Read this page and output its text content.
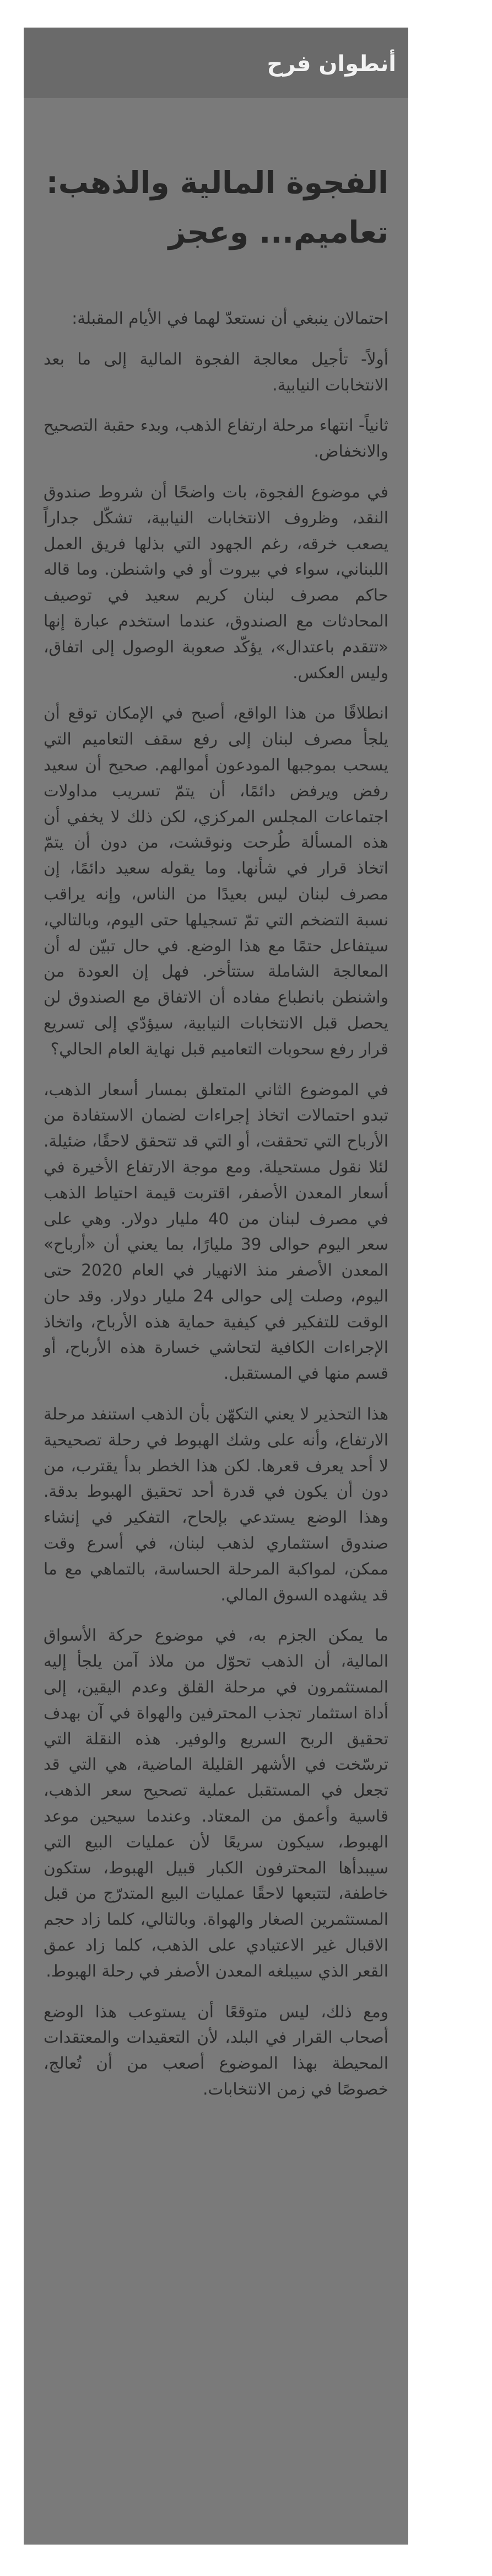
أنطوان فرح
الفجوة المالية والذهب: تعاميم... وعجز

احتمالان ينبغي أن نستعدّ لهما في الأيام المقبلة:

أولاً- تأجيل معالجة الفجوة المالية إلى ما بعد الانتخابات النيابية.

ثانياً- انتهاء مرحلة ارتفاع الذهب، وبدء حقبة التصحيح والانخفاض.

في موضوع الفجوة، بات واضحًا أن شروط صندوق النقد، وظروف الانتخابات النيابية، تشكّل جداراً يصعب خرقه، رغم الجهود التي بذلها فريق العمل اللبناني، سواء في بيروت أو في واشنطن. وما قاله حاكم مصرف لبنان كريم سعيد في توصيف المحادثات مع الصندوق، عندما استخدم عبارة إنها «تتقدم باعتدال»، يؤكّد صعوبة الوصول إلى اتفاق، وليس العكس.

انطلاقًا من هذا الواقع، أصبح في الإمكان توقع أن يلجأ مصرف لبنان إلى رفع سقف التعاميم التي يسحب بموجبها المودعون أموالهم. صحيح أن سعيد رفض ويرفض دائمًا، أن يتمّ تسريب مداولات اجتماعات المجلس المركزي، لكن ذلك لا يخفي أن هذه المسألة طُرحت ونوقشت، من دون أن يتمّ اتخاذ قرار في شأنها. وما يقوله سعيد دائمًا، إن مصرف لبنان ليس بعيدًا من الناس، وإنه يراقب نسبة التضخم التي تمّ تسجيلها حتى اليوم، وبالتالي، سيتفاعل حتمًا مع هذا الوضع. في حال تبيّن له أن المعالجة الشاملة ستتأخر. فهل إن العودة من واشنطن بانطباع مفاده أن الاتفاق مع الصندوق لن يحصل قبل الانتخابات النيابية، سيؤدّي إلى تسريع قرار رفع سحوبات التعاميم قبل نهاية العام الحالي؟

في الموضوع الثاني المتعلق بمسار أسعار الذهب، تبدو احتمالات اتخاذ إجراءات لضمان الاستفادة من الأرباح التي تحققت، أو التي قد تتحقق لاحقًا، ضئيلة. لئلا نقول مستحيلة. ومع موجة الارتفاع الأخيرة في أسعار المعدن الأصفر، اقتربت قيمة احتياط الذهب في مصرف لبنان من 40 مليار دولار. وهي على سعر اليوم حوالى 39 مليارًا، بما يعني أن «أرباح» المعدن الأصفر منذ الانهيار في العام 2020 حتى اليوم، وصلت إلى حوالى 24 مليار دولار. وقد حان الوقت للتفكير في كيفية حماية هذه الأرباح، واتخاذ الإجراءات الكافية لتحاشي خسارة هذه الأرباح، أو قسم منها في المستقبل.

هذا التحذير لا يعني التكهّن بأن الذهب استنفد مرحلة الارتفاع، وأنه على وشك الهبوط في رحلة تصحيحية لا أحد يعرف قعرها. لكن هذا الخطر بدأ يقترب، من دون أن يكون في قدرة أحد تحقيق الهبوط بدقة. وهذا الوضع يستدعي بإلحاح، التفكير في إنشاء صندوق استثماري لذهب لبنان، في أسرع وقت ممكن، لمواكبة المرحلة الحساسة، بالتماهي مع ما قد يشهده السوق المالي.

ما يمكن الجزم به، في موضوع حركة الأسواق المالية، أن الذهب تحوّل من ملاذ آمن يلجأ إليه المستثمرون في مرحلة القلق وعدم اليقين، إلى أداة استثمار تجذب المحترفين والهواة في آن بهدف تحقيق الربح السريع والوفير. هذه النقلة التي ترسّخت في الأشهر القليلة الماضية، هي التي قد تجعل في المستقبل عملية تصحيح سعر الذهب، قاسية وأعمق من المعتاد. وعندما سيحين موعد الهبوط، سيكون سريعًا لأن عمليات البيع التي سيبدأها المحترفون الكبار قبيل الهبوط، ستكون خاطفة، لتتبعها لاحقًا عمليات البيع المتدرّج من قبل المستثمرين الصغار والهواة. وبالتالي، كلما زاد حجم الاقبال غير الاعتيادي على الذهب، كلما زاد عمق القعر الذي سيبلغه المعدن الأصفر في رحلة الهبوط.

ومع ذلك، ليس متوقعًا أن يستوعب هذا الوضع أصحاب القرار في البلد، لأن التعقيدات والمعتقدات المحيطة بهذا الموضوع أصعب من أن تُعالج، خصوصًا في زمن الانتخابات.
